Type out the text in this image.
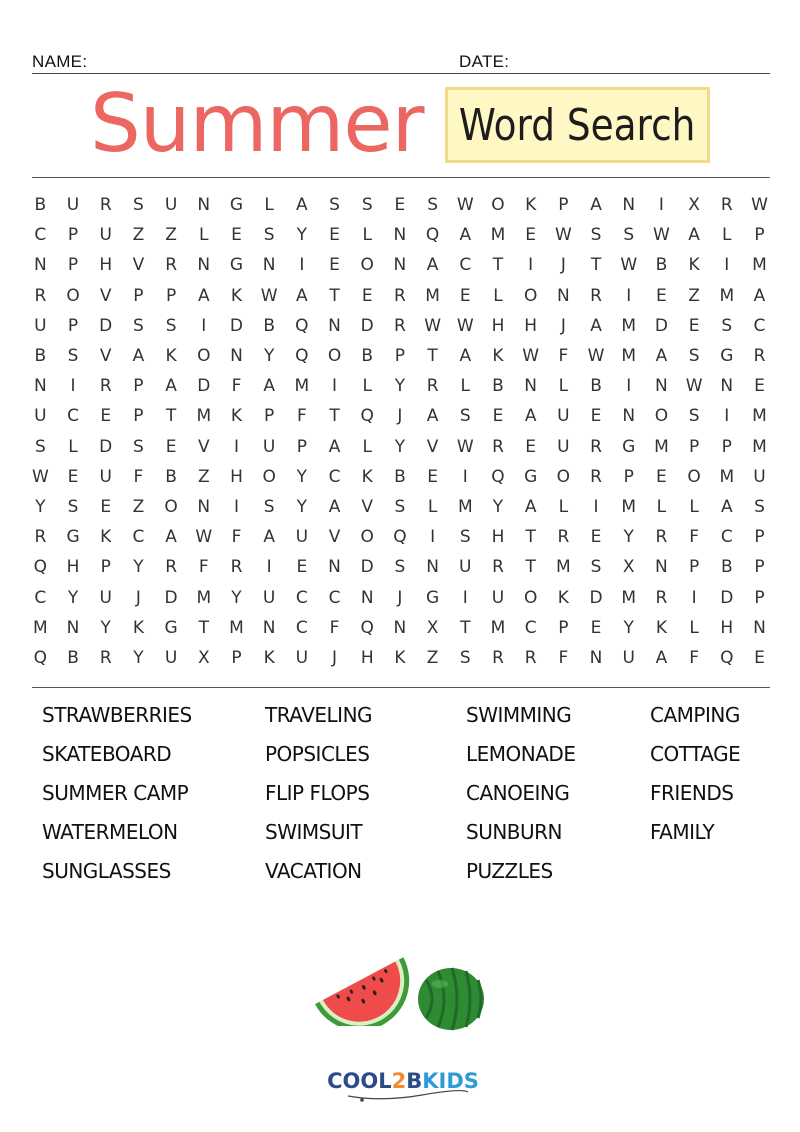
NAME:	DATE:
Summer Word Search
B	U	R	S	U	N	G	L	A	S	S	E	S	W	O	K	P	A	N	I	X	R	W
C	P	U	Z	Z	L	E	S	Y	E	L	N	Q	A	M	E	W	S	S	W	A	L	P
N	P	H	V	R	N	G	N	I	E	O	N	A	C	T	I	J	T	W	B	K	I	M
R	O	V	P	P	A	K	W	A	T	E	R	M	E	L	O	N	R	I	E	Z	M	A
U	P	D	S	S	I	D	B	Q	N	D	R	W W	H	H	J	A	M	D	E	S	C
B	S	V	A	K	O	N	Y	Q	O	B	P	T	A	K	W	F	W M	A	S	G	R
N	I	R	P	A	D	F	A	M	I	L	Y	R	L	B	N	L	B	I	N	W	N	E
U	C	E	P	T	M	K	P	F	T	Q	J	A	S	E	A	U	E	N	O	S	I	M
S	L	D	S	E	V	I	U	P	A	L	Y	V	W	R	E	U	R	G	M	P	P	M
W	E	U	F	B	Z	H	O	Y	C	K	B	E	I	Q	G	O	R	P	E	O	M	U
Y	S	E	Z	O	N	I	S	Y	A	V	S	L	M	Y	A	L	I	M	L	L	A	S
R	G	K	C	A	W	F	A	U	V	O	Q	I	S	H	T	R	E	Y	R	F	C	P
Q	H	P	Y	R	F	R	I	E	N	D	S	N	U	R	T	M	S	X	N	P	B	P
C	Y	U	J	D	M	Y	U	C	C	N	J	G	I	U	O	K	D	M	R	I	D	P
M	N	Y	K	G	T	M	N	C	F	Q	N	X	T	M	C	P	E	Y	K	L	H	N
Q	B	R	Y	U	X	P	K	U	J	H	K	Z	S	R	R	F	N	U	A	F	Q	E
STRAWBERRIES
SKATEBOARD
SUMMER CAMP
WATERMELON
SUNGLASSES
TRAVELING
POPSICLES
FLIP FLOPS
SWIMSUIT
VACATION
SWIMMING
LEMONADE
CANOEING
SUNBURN
PUZZLES
CAMPING
COTTAGE
FRIENDS
FAMILY
COOL2BKIDS
